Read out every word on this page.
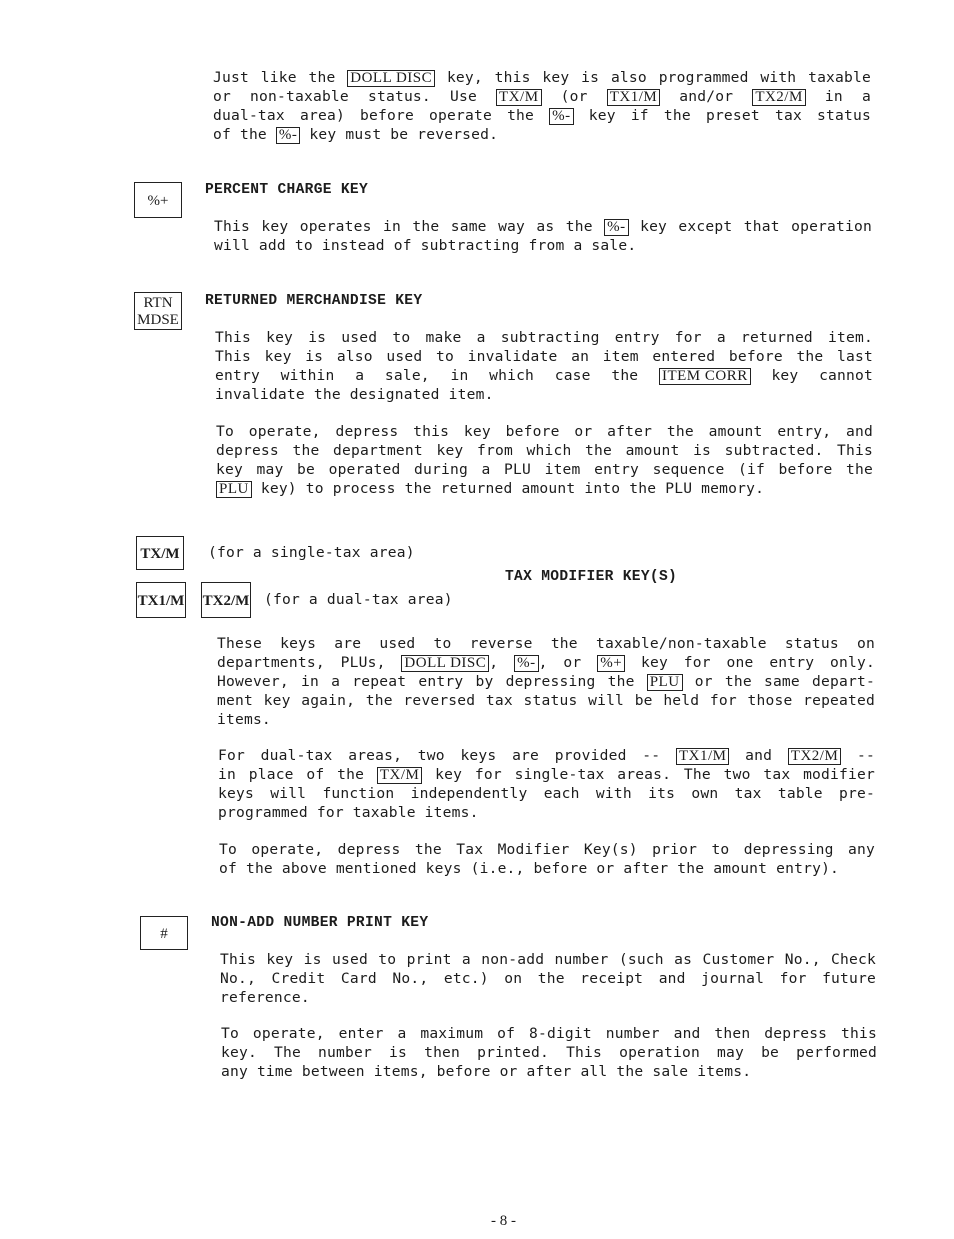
Just like the DOLL DISC key, this key is also programmed with taxable
or non-taxable status. Use TX/M (or TX1/M and/or TX2/M in a
dual-tax area) before operate the %- key if the preset tax status
of the %- key must be reversed.
%+
PERCENT CHARGE KEY
This key operates in the same way as the %- key except that operation
will add to instead of subtracting from a sale.
RTN
MDSE
RETURNED MERCHANDISE KEY
This key is used to make a subtracting entry for a returned item.
This key is also used to invalidate an item entered before the last
entry within a sale, in which case the ITEM CORR key cannot
invalidate the designated item.
To operate, depress this key before or after the amount entry, and
depress the department key from which the amount is subtracted. This
key may be operated during a PLU item entry sequence (if before the
PLU key) to process the returned amount into the PLU memory.
TX/M (for a single-tax area)
TAX MODIFIER KEY(S)
TX1/M TX2/M (for a dual-tax area)
These keys are used to reverse the taxable/non-taxable status on
departments, PLUs, DOLL DISC , %- , or %+ key for one entry only.
However, in a repeat entry by depressing the PLU or the same depart-
ment key again, the reversed tax status will be held for those repeated
items.
For dual-tax areas, two keys are provided -- TX1/M and TX2/M --
in place of the TX/M key for single-tax areas. The two tax modifier
keys will function independently each with its own tax table pre-
programmed for taxable items.
To operate, depress the Tax Modifier Key(s) prior to depressing any
of the above mentioned keys (i.e., before or after the amount entry).
#
NON-ADD NUMBER PRINT KEY
This key is used to print a non-add number (such as Customer No., Check
No., Credit Card No., etc.) on the receipt and journal for future
reference.
To operate, enter a maximum of 8-digit number and then depress this
key. The number is then printed. This operation may be performed
any time between items, before or after all the sale items.
- 8 -
